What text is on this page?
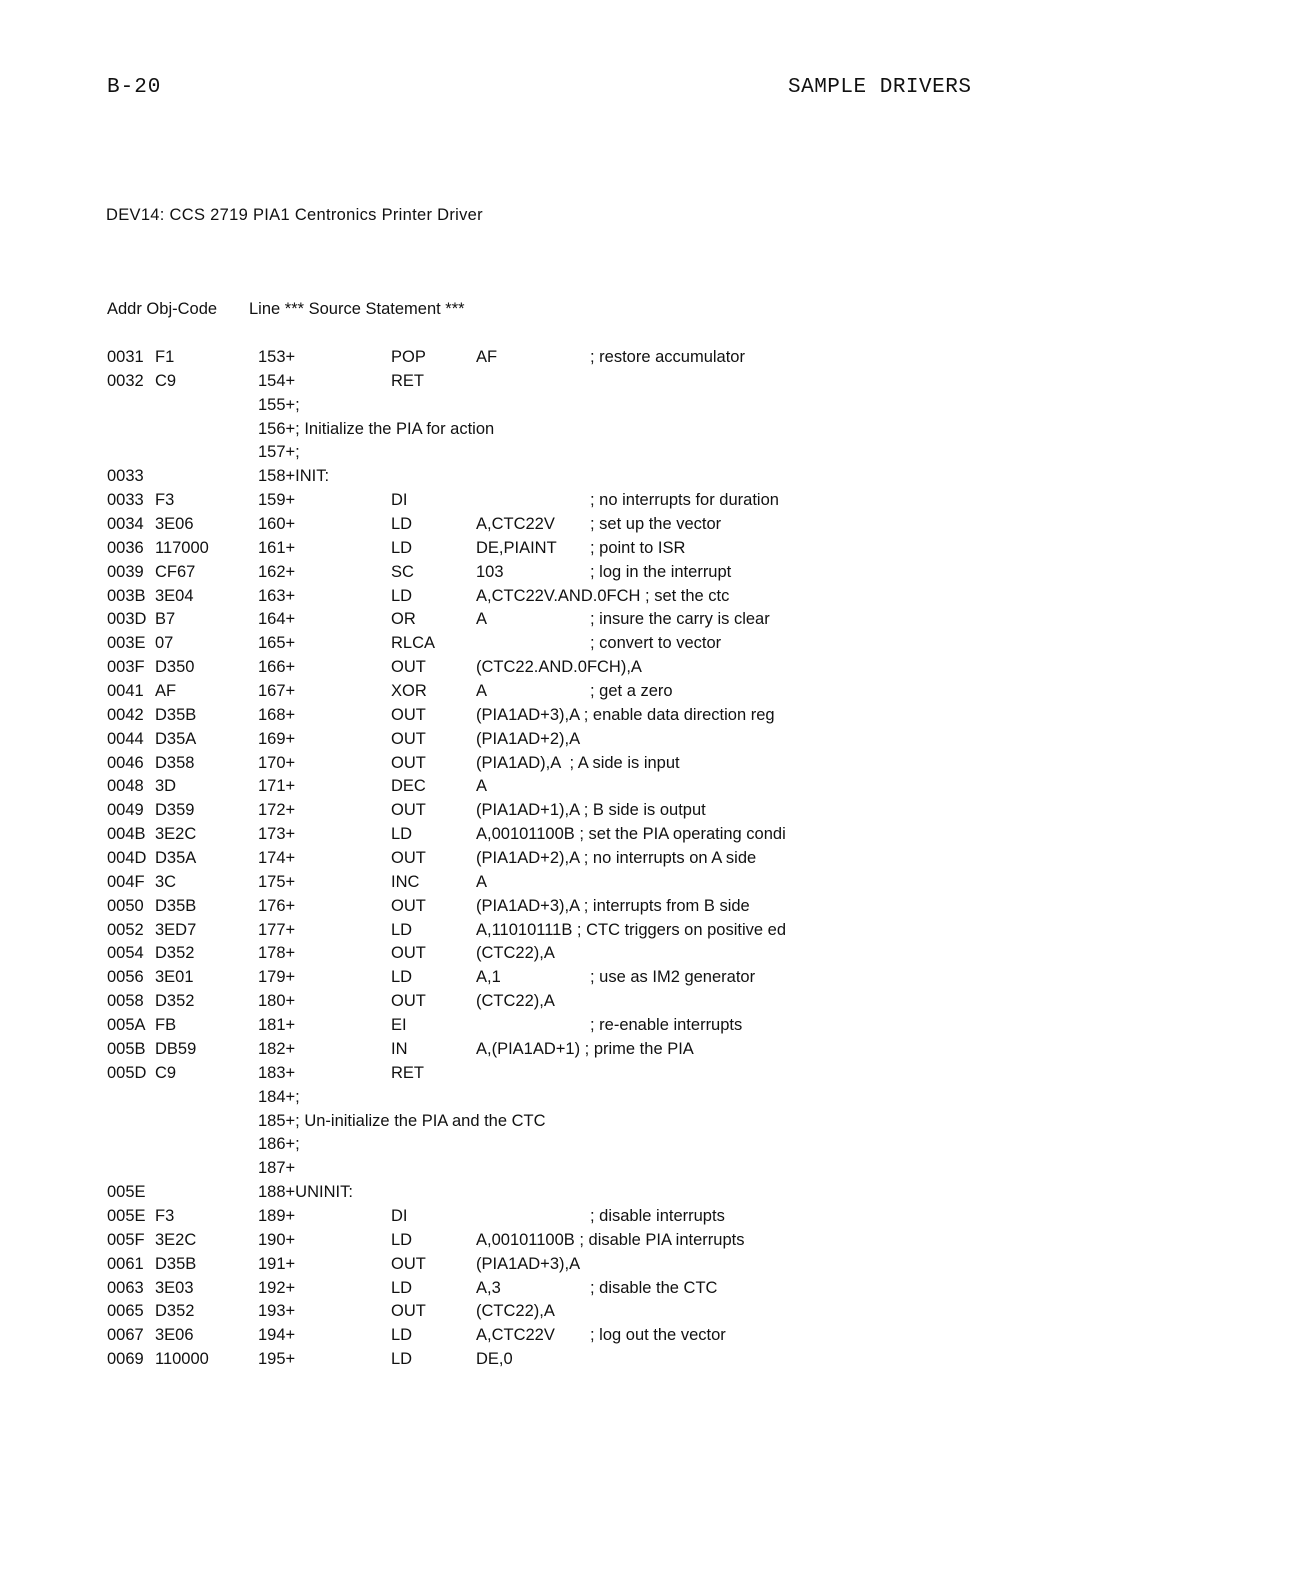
B-20	SAMPLE DRIVERS
DEV14: CCS 2719 PIA1 Centronics Printer Driver
Addr Obj-Code Line *** Source Statement ***
0031 F1	153+	POP	AF	; restore accumulator
0032 C9	154+	RET
155+;
156+; Initialize the PIA for action
157+;
0033	158+INIT:
0033 F3	159+	DI	; no interrupts for duration
0034 3E06	160+	LD	A,CTC22V ; set up the vector
0036 117000	161+	LD	DE,PIAINT ; point to ISR
0039 CF67	162+	SC	103	; log in the interrupt
003B 3E04	163+	LD	A,CTC22V.AND.0FCH ; set the ctc
003D B7	164+	OR	A	; insure the carry is clear
003E 07	165+	RLCA	; convert to vector
003F D350	166+	OUT	(CTC22.AND.0FCH),A
0041 AF	167+	XOR	A	; get a zero
0042 D35B	168+	OUT	(PIA1AD+3),A ; enable data direction reg
0044 D35A	169+	OUT	(PIA1AD+2),A
0046 D358	170+	OUT	(PIA1AD),A  ; A side is input
0048 3D	171+	DEC	A
0049 D359	172+	OUT	(PIA1AD+1),A ; B side is output
004B 3E2C	173+	LD	A,00101100B ; set the PIA operating condi
004D D35A	174+	OUT	(PIA1AD+2),A ; no interrupts on A side
004F 3C	175+	INC	A
0050 D35B	176+	OUT	(PIA1AD+3),A ; interrupts from B side
0052 3ED7	177+	LD	A,11010111B ; CTC triggers on positive ed
0054 D352	178+	OUT	(CTC22),A
0056 3E01	179+	LD	A,1	; use as IM2 generator
0058 D352	180+	OUT	(CTC22),A
005A FB	181+	EI	; re-enable interrupts
005B DB59	182+	IN	A,(PIA1AD+1) ; prime the PIA
005D C9	183+	RET
184+;
185+; Un-initialize the PIA and the CTC
186+;
187+
005E	188+UNINIT:
005E F3	189+	DI	; disable interrupts
005F 3E2C	190+	LD	A,00101100B ; disable PIA interrupts
0061 D35B	191+	OUT	(PIA1AD+3),A
0063 3E03	192+	LD	A,3	; disable the CTC
0065 D352	193+	OUT	(CTC22),A
0067 3E06	194+	LD	A,CTC22V ; log out the vector
0069 110000	195+	LD	DE,0
